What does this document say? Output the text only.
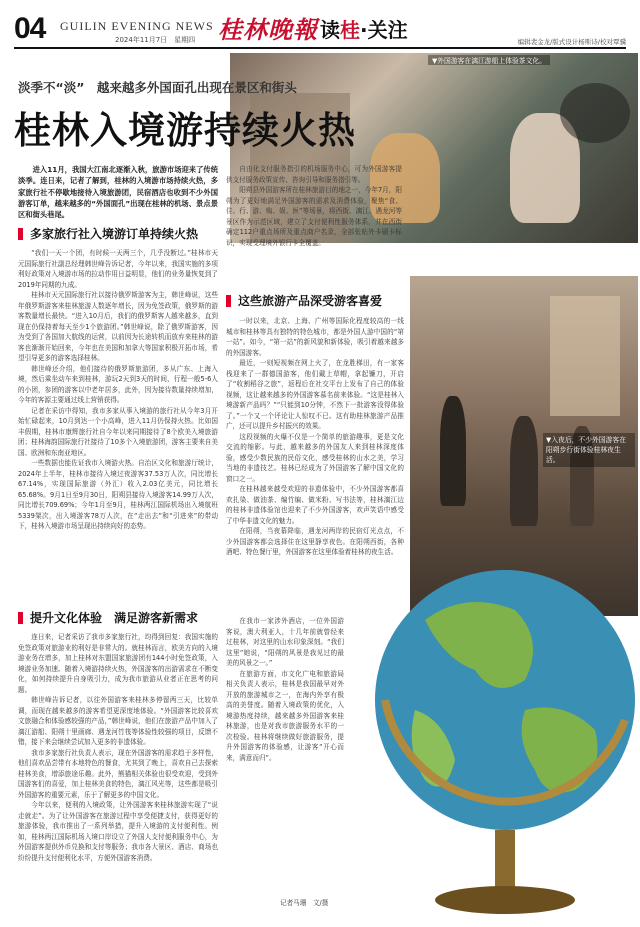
04 GUILIN EVENING NEWS
2024年11月7日　星期四 桂林晚報 读桂·关注	编辑裴金龙/版式设计杨斯诗/校对覃骥
▼外国游客在漓江游船上体验茶文化。
淡季不“淡”　越来越多外国面孔出现在景区和街头
桂林入境游持续火热
进入11月，我国大江南北逐渐入秋，旅游市场迎来了传统淡季。连日来，记者了解到，桂林的入境游市场持续火热，多家旅行社不停歇地接待入境旅游团，民宿酒店也收到不少外国游客订单，越来越多的“外国面孔”出现在桂林的机场、景点景区和街头巷尾。
多家旅行社入境游订单持续火热

“我们一天一个团，有时候一天两三个，几乎没断过。”桂林市天元国际旅行社副总经理韩世峰告诉记者，今年以来，我国实施的多项利好政策对入境游市场的拉动作用日益明显，他们的业务量恢复到了2019年同期的九成。

桂林市天元国际旅行社以接待俄罗斯游客为主，韩世峰说，这些年俄罗斯游客来桂林旅游人数逐年增长，因为免签政策，俄罗斯的游客数量增长最快。“进入10月后，我们的俄罗斯客人越来越多，直到现在仍保持着每天至少1个旅游团。”韩世峰说，除了俄罗斯游客，因为受到了各国加大航线的运营，以前因为长途转机而放弃来桂林的游客也渐渐开始回来，今年也在美国和加拿大等国家积极开拓市场，希望引导更多的游客选择桂林。

韩世峰还介绍，他们接待的俄罗斯旅游团，多从广东、上海入境，然后乘坐动车来到桂林，游玩2天到3天的时间，行程一般5-6人的小团，参团的游客以中老年居多，此外，因为接待数量持续增加，今年的客源主要通过线上营销获得。

记者在采访中得知，我市多家从事入境游的旅行社从今年3月开始忙碌起来，10月到达一个小高峰，进入11月仍保持火热。比如国丰假期，桂林市康辉旅行社自今年以来同期接待了8个欧美入境旅游团；桂林海韵国际旅行社接待了10多个入境旅游团，游客主要来自美国、欧洲和东南亚地区。

一些数据也能佐证我市入境游火热。自治区文化和旅游厅统计，2024年上半年，桂林市接待入境过夜游客37.53万人次，同比增长67.14%，实现国际旅游（外汇）收入2.03亿美元，同比增长65.68%。9月1日至9月30日，阳朔县接待入境游客14.99万人次，同比增长709.69%；今年1月至9月，桂林两江国际机场出入境航班5339架次，出入境游客78万人次，在“走出去”和“引进来”的带动下，桂林入境游市场呈现出持续向好的态势。

提升文化体验　满足游客新需求

连日来，记者采访了我市多家旅行社，均得到回复：我国实施的免签政策对旅游业的利好是非常大的。就桂林而言，欧美方向的入境游业务在增多，加上桂林对东盟国家旅游团有144小时免签政策，入境游业务加速。随着入境游持续火热，外国游客的出游需求在不断变化，如何持续提升自身吸引力，成为我市旅游从业者正在思考的问题。

韩世峰告诉记者，以往外国游客来桂林多停留两三天，比较单调，而现在越来越多的游客希望更深度地体验。“外国游客比较喜欢文旅融合和体验感较强的产品，”韩世峰说，他们在旅游产品中加入了漓江游船、阳朔十里画廊、遇龙河竹筏等体验性较强的项目，反馈不错，接下来会继续尝试加入更多的非遗体验。

我市多家旅行社负责人表示，现在外国游客的需求趋于多样性，他们喜欢品尝带有本地特色的餐食，尤其到了晚上，喜欢自己去探索桂林美食，增添旅途乐趣。此外，熊猫相关体验也很受欢迎，受到外国游客们的喜爱，加上桂林美食的特色，漓江风光等，这些都是吸引外国游客的重要元素，乐于了解更多的中国文化。

今年以来，便利的入境政策，让外国游客来桂林旅游实现了“说走就走”。为了让外国游客在旅游过程中享受便捷支付，获得更好的旅游体验，我市推出了一系列举措，提升入境游的支付便利性。例如，桂林两江国际机场入境口岸设立了外国人支付便利服务中心，为外国游客提供外币兑换和支付等服务；我市各大景区、酒店、商场也纷纷提升支付便利化水平，方便外国游客消费。

自由化支付服务指引的机场服务中心，可为外国游客提供支付服务政策宣传、咨询引导和服务指引等。

阳朔县外国游客所在桂林旅游目的地之一，今年7月，阳朔为了更好地满足外国游客的需求及消费体验，聚焦“食、住、行、游、购、娱、医”等场景，将西街、漓江、遇龙河等景区作为示范区域，建立了支付便利性服务体系，并在西街确定112户重点场所及重点商户名录，全部张贴外卡刷卡标识，实现受理境外银行卡全覆盖。

这些旅游产品深受游客喜爱

一时以来，北京、上海、广州等国际化程度较高的一线城市和桂林等具有独特的特色城市，都是外国人游中国的“第一站”。如今，“第一站”的新风貌和新体验，吸引着越来越多的外国游客。

最近，一则短视频在网上火了，在龙胜梯田，有一家客栈迎来了一群德国游客，他们戴上草帽，拿起镰刀，开启了“收割稻谷之旅”，返程后在社交平台上发布了自己的体验视频，这让越来越多的外国游客慕名前来体验。“这是桂林入境游新产品吗？”“只能到10分钟，不然下一批游客没得体验了。”一个又一个评论让人惊叹不已。这有助桂林旅游产品推广，还可以提升乡村振兴的效果。

这段视频的火爆不仅是一个简单的旅游趣事，更是文化交流的缩影。与此，越来越多的外国友人来到桂林深度体验，感受少数民族的民俗文化，感受桂林的山水之美，学习当地的非遗技艺。桂林已经成为了外国游客了解中国文化的窗口之一。

在桂林越来越受欢迎的非遗体验中，不少外国游客都喜欢扎染、做油茶、编竹编、做米粉、写书法等，桂林漓江边的桂林非遗体验馆也迎来了不少外国游客，欢声笑语中感受了中华非遗文化的魅力。

在阳朔，当夜幕降临，遇龙河两岸的民宿灯光点点，不少外国游客都会选择住在这里静享夜色。在阳朔西街，各种酒吧、特色餐厅里，外国游客在这里体验着桂林的夜生活。

▼入夜后，不少外国游客在阳朔步行街体验桂林夜生活。

在我市一家涉外酒店，一位外国游客说，澳大利亚人，十几年前就曾经来过桂林，对这里的山水印象深刻。“我们这里”她说，“阳朔的风景是我见过的最美的风景之一。”

在旅游方面，市文化广电和旅游局相关负责人表示，桂林是我国最早对外开放的旅游城市之一，在海内外享有极高的美誉度。随着入境政策的优化，入境游热度持续，越来越多外国游客来桂林旅游，也是对我市旅游服务水平的一次检验。桂林将继续做好旅游服务，提升外国游客的体验感，让游客“开心而来，满意而归”。

记者马珊　文/摄
